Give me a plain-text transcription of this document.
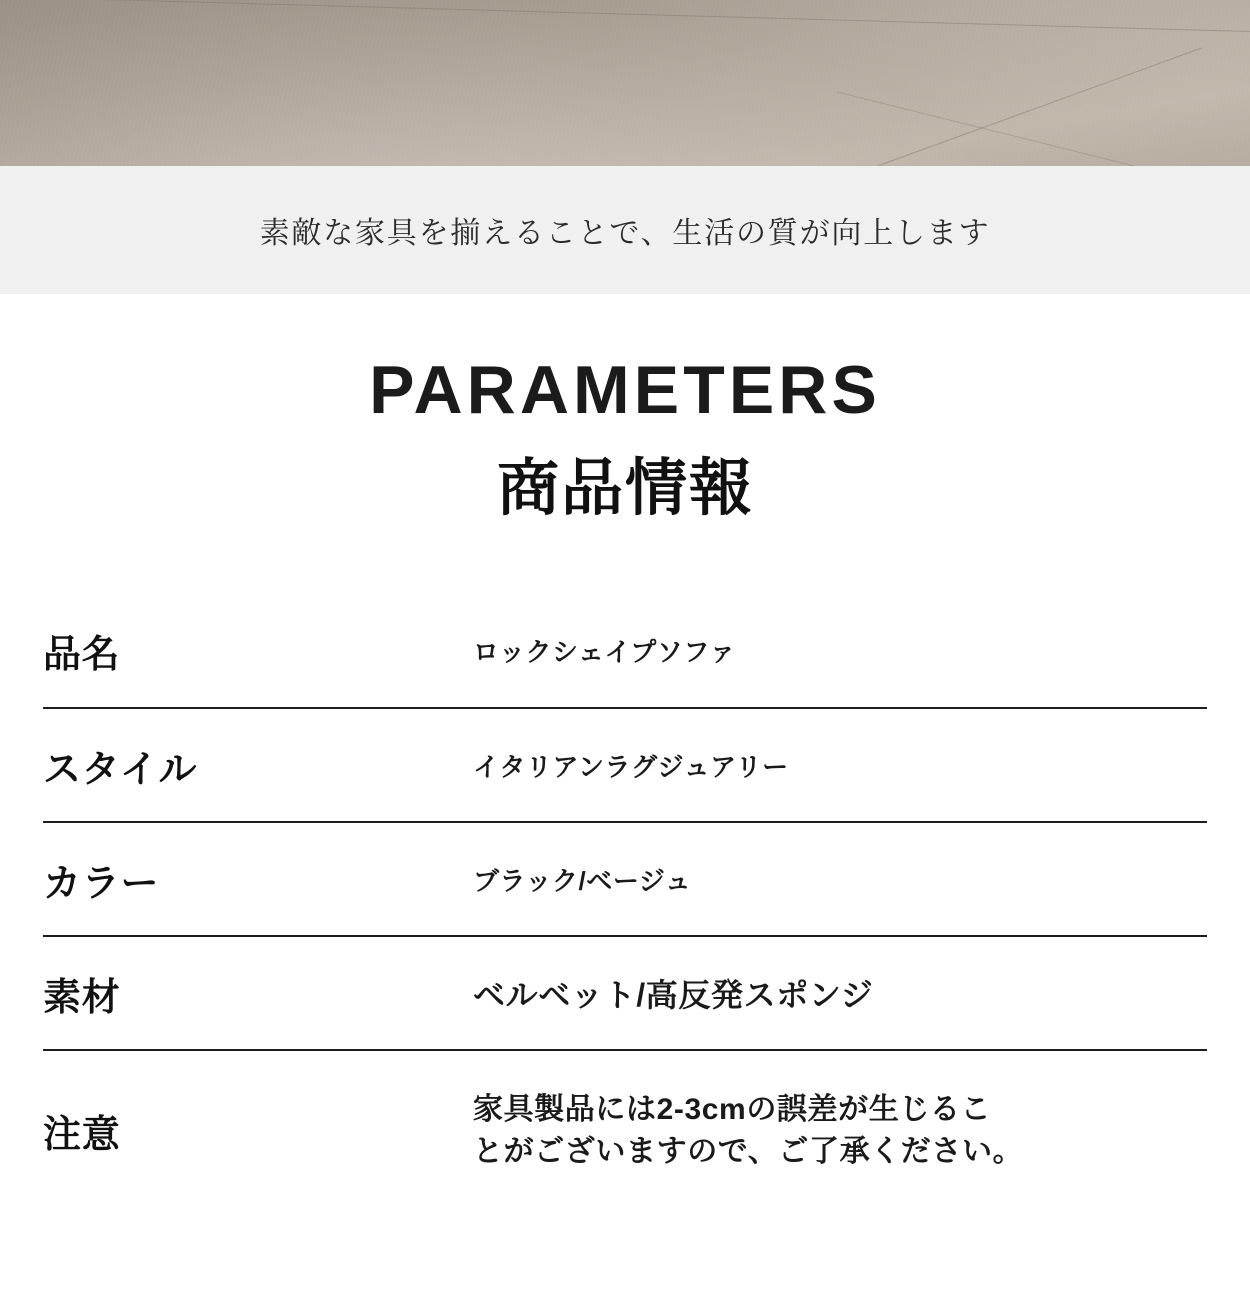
素敵な家具を揃えることで、生活の質が向上します
PARAMETERS
商品情報
品名	ロックシェイプソファ
スタイル	イタリアンラグジュアリー
カラー	ブラック/ベージュ
素材	ベルベット/高反発スポンジ
注意	家具製品には2-3cmの誤差が生じるこ
とがございますので、ご了承ください。
